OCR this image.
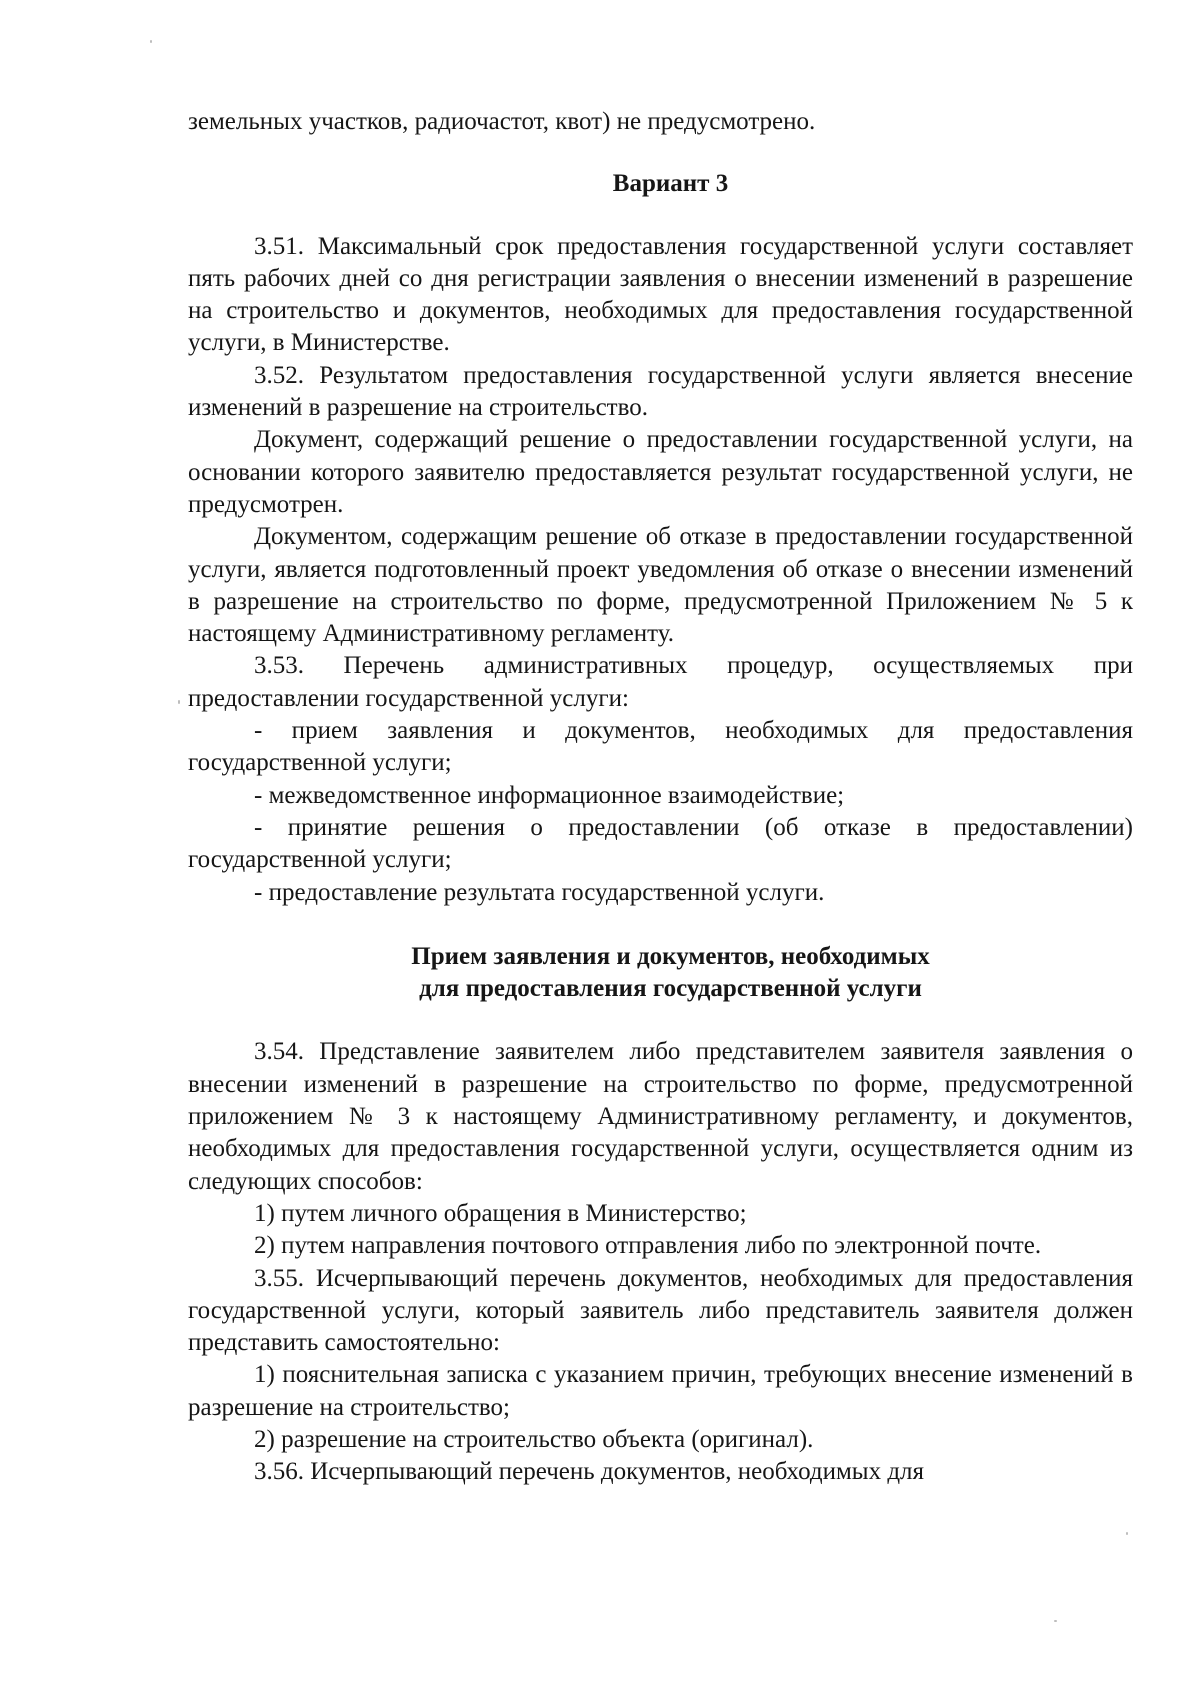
земельных участков, радиочастот, квот) не предусмотрено.

Вариант 3

3.51. Максимальный срок предоставления государственной услуги составляет пять рабочих дней со дня регистрации заявления о внесении изменений в разрешение на строительство и документов, необходимых для предоставления государственной услуги, в Министерстве.

3.52. Результатом предоставления государственной услуги является внесение изменений в разрешение на строительство.

Документ, содержащий решение о предоставлении государственной услуги, на основании которого заявителю предоставляется результат государственной услуги, не предусмотрен.

Документом, содержащим решение об отказе в предоставлении государственной услуги, является подготовленный проект уведомления об отказе о внесении изменений в разрешение на строительство по форме, предусмотренной Приложением № 5 к настоящему Административному регламенту.

3.53. Перечень административных процедур, осуществляемых при предоставлении государственной услуги:

- прием заявления и документов, необходимых для предоставления государственной услуги;

- межведомственное информационное взаимодействие;

- принятие решения о предоставлении (об отказе в предоставлении) государственной услуги;

- предоставление результата государственной услуги.

Прием заявления и документов, необходимых

для предоставления государственной услуги

3.54. Представление заявителем либо представителем заявителя заявления о внесении изменений в разрешение на строительство по форме, предусмотренной приложением № 3 к настоящему Административному регламенту, и документов, необходимых для предоставления государственной услуги, осуществляется одним из следующих способов:

1) путем личного обращения в Министерство;

2) путем направления почтового отправления либо по электронной почте.

3.55. Исчерпывающий перечень документов, необходимых для предоставления государственной услуги, который заявитель либо представитель заявителя должен представить самостоятельно:

1) пояснительная записка с указанием причин, требующих внесение изменений в разрешение на строительство;

2) разрешение на строительство объекта (оригинал).

3.56. Исчерпывающий перечень документов, необходимых для
